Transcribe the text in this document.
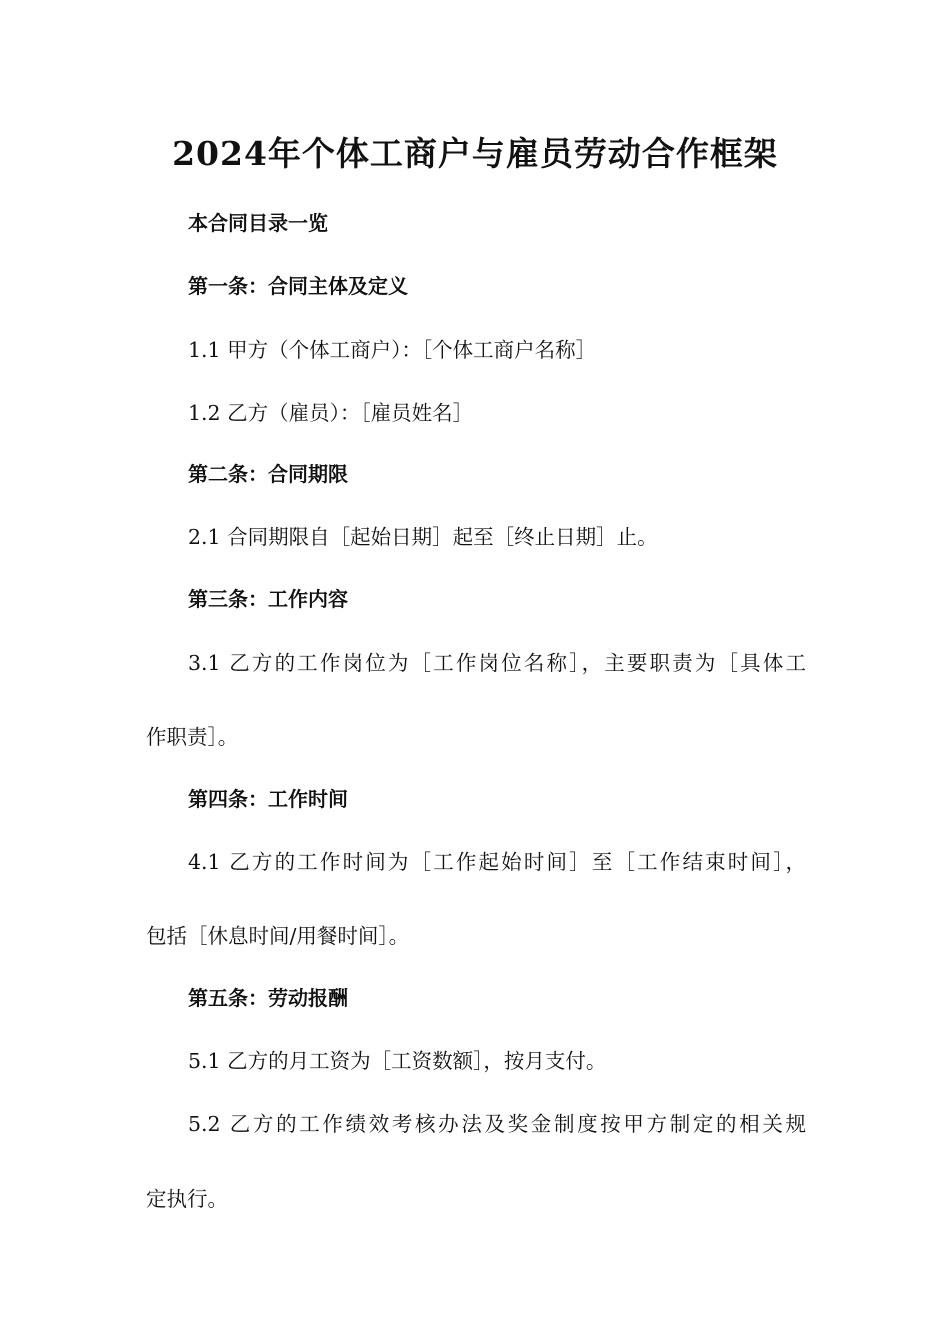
2024年个体工商户与雇员劳动合作框架

本合同目录一览

第一条：合同主体及定义

1.1 甲方（个体工商户）：［个体工商户名称］

1.2 乙方（雇员）：［雇员姓名］

第二条：合同期限

2.1 合同期限自［起始日期］起至［终止日期］止。

第三条：工作内容

3.1 乙方的工作岗位为［工作岗位名称］，主要职责为［具体工

作职责］。

第四条：工作时间

4.1 乙方的工作时间为［工作起始时间］至［工作结束时间］，

包括［休息时间/用餐时间］。

第五条：劳动报酬

5.1 乙方的月工资为［工资数额］，按月支付。

5.2 乙方的工作绩效考核办法及奖金制度按甲方制定的相关规

定执行。
